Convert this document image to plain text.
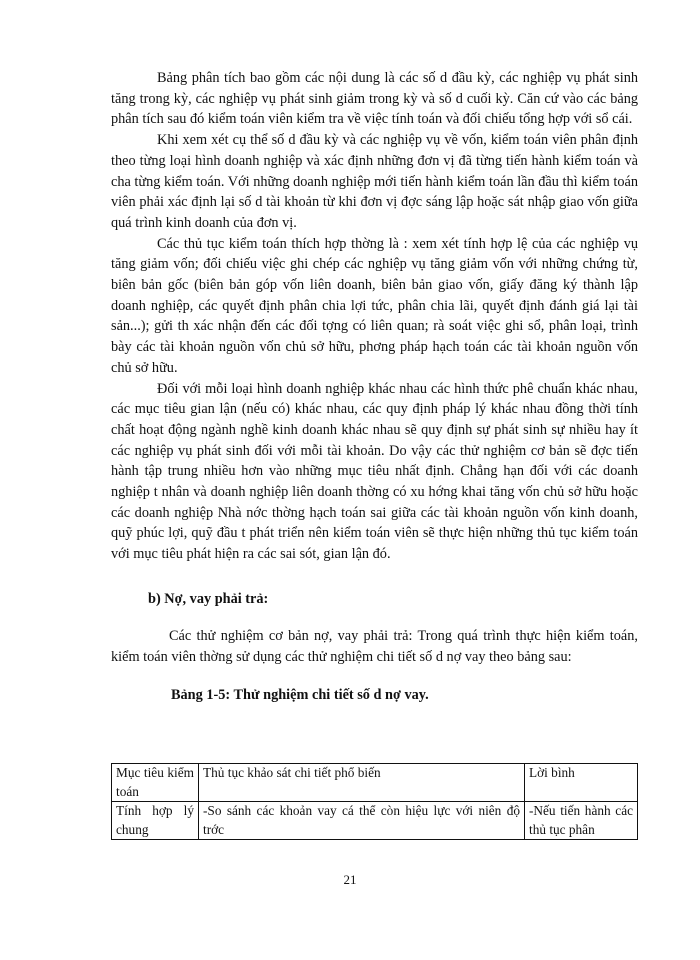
Bảng phân tích bao gồm các nội dung là các số d đầu kỳ, các nghiệp vụ phát sinh tăng trong kỳ, các nghiệp vụ phát sinh giảm trong kỳ và số d cuối kỳ. Căn cứ vào các bảng phân tích sau đó kiểm toán viên kiểm tra về việc tính toán và đối chiếu tổng hợp với sổ cái.

Khi xem xét cụ thể số d đầu kỳ và các nghiệp vụ về vốn, kiểm toán viên phân định theo từng loại hình doanh nghiệp và xác định những đơn vị đã từng tiến hành kiểm toán và cha từng kiểm toán. Với những doanh nghiệp mới tiến hành kiểm toán lần đầu thì kiểm toán viên phải xác định lại số d tài khoản từ khi đơn vị đợc sáng lập hoặc sát nhập giao vốn giữa quá trình kinh doanh của đơn vị.

Các thủ tục kiểm toán thích hợp thờng là : xem xét tính hợp lệ của các nghiệp vụ tăng giảm vốn; đối chiếu việc ghi chép các nghiệp vụ tăng giảm vốn với những chứng từ, biên bản gốc (biên bản góp vốn liên doanh, biên bản giao vốn, giấy đăng ký thành lập doanh nghiệp, các quyết định phân chia lợi tức, phân chia lãi, quyết định đánh giá lại tài sản...); gửi th xác nhận đến các đối tợng có liên quan; rà soát việc ghi sổ, phân loại, trình bày các tài khoản nguồn vốn chủ sở hữu, phơng pháp hạch toán các tài khoản nguồn vốn chủ sở hữu.

Đối với mỗi loại hình doanh nghiệp khác nhau các hình thức phê chuẩn khác nhau, các mục tiêu gian lận (nếu có) khác nhau, các quy định pháp lý khác nhau đồng thời tính chất hoạt động ngành nghề kinh doanh khác nhau sẽ quy định sự phát sinh sự nhiều hay ít các nghiệp vụ phát sinh đối với mỗi tài khoản. Do vậy các thử nghiệm cơ bản sẽ đợc tiến hành tập trung nhiều hơn vào những mục tiêu nhất định. Chẳng hạn đối với các doanh nghiệp t nhân và doanh nghiệp liên doanh thờng có xu hớng khai tăng vốn chủ sở hữu hoặc các doanh nghiệp Nhà nớc thờng hạch toán sai giữa các tài khoản nguồn vốn kinh doanh, quỹ phúc lợi, quỹ đầu t phát triển nên kiểm toán viên sẽ thực hiện những thủ tục kiểm toán với mục tiêu phát hiện ra các sai sót, gian lận đó.

b) Nợ, vay phải trả:

Các thử nghiệm cơ bản nợ, vay phải trả: Trong quá trình thực hiện kiểm toán, kiểm toán viên thờng sử dụng các thử nghiệm chi tiết số d nợ vay theo bảng sau:

Bảng 1-5: Thử nghiệm chi tiết số d nợ vay.
Mục tiêu kiểm toán	Thủ tục khảo sát chi tiết phổ biến	Lời bình
Tính hợp lý chung	-So sánh các khoản vay cá thể còn hiệu lực với niên độ trớc	-Nếu tiến hành các thủ tục phân
21
